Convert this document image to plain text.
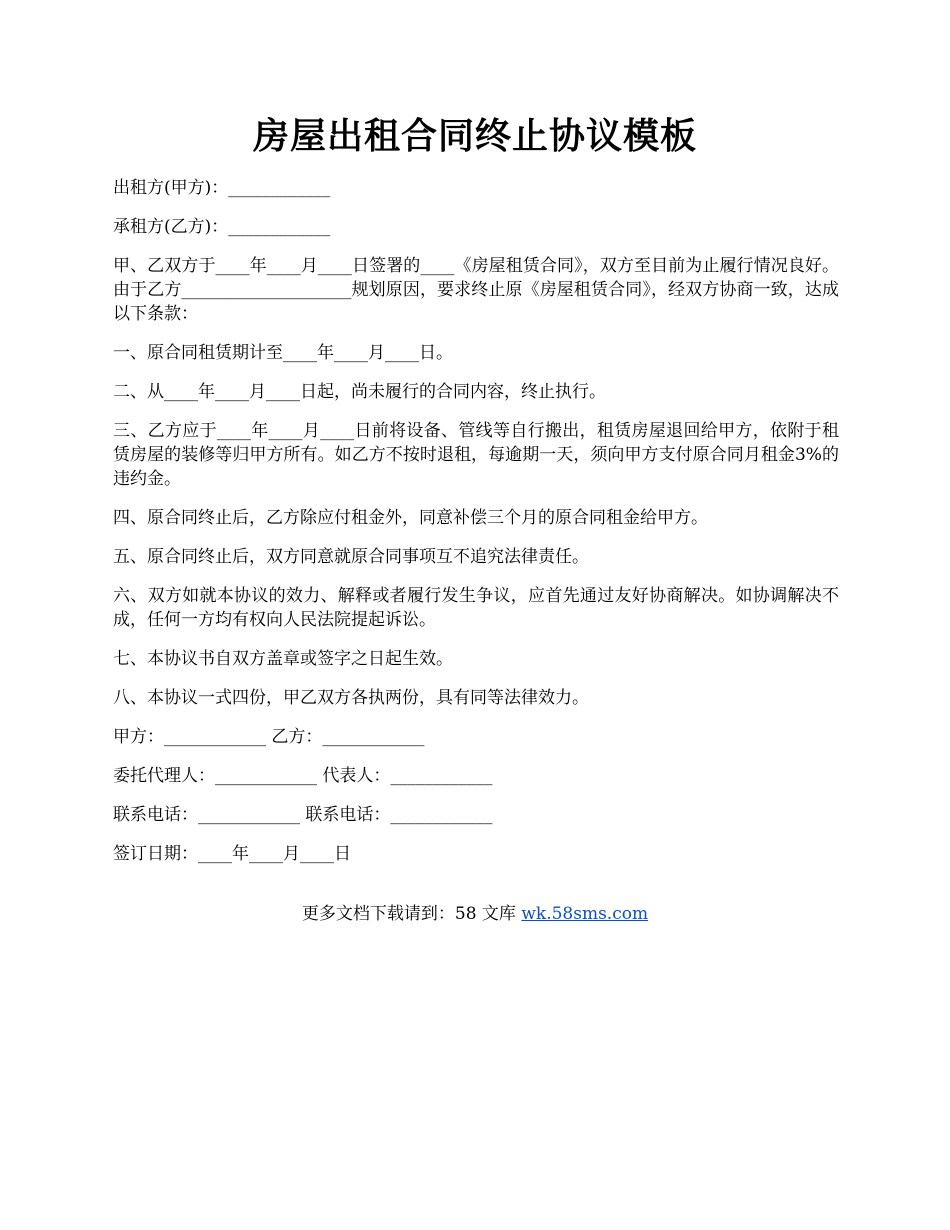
房屋出租合同终止协议模板

出租方(甲方)：____________

承租方(乙方)：____________

甲、乙双方于____年____月____日签署的____《房屋租赁合同》，双方至目前为止履行情况良好。由于乙方____________________规划原因，要求终止原《房屋租赁合同》，经双方协商一致，达成以下条款：

一、原合同租赁期计至____年____月____日。

二、从____年____月____日起，尚未履行的合同内容，终止执行。

三、乙方应于____年____月____日前将设备、管线等自行搬出，租赁房屋退回给甲方，依附于租赁房屋的装修等归甲方所有。如乙方不按时退租，每逾期一天，须向甲方支付原合同月租金3%的违约金。

四、原合同终止后，乙方除应付租金外，同意补偿三个月的原合同租金给甲方。

五、原合同终止后，双方同意就原合同事项互不追究法律责任。

六、双方如就本协议的效力、解释或者履行发生争议，应首先通过友好协商解决。如协调解决不成，任何一方均有权向人民法院提起诉讼。

七、本协议书自双方盖章或签字之日起生效。

八、本协议一式四份，甲乙双方各执两份，具有同等法律效力。

甲方：____________ 乙方：____________

委托代理人：____________ 代表人：____________

联系电话：____________ 联系电话：____________

签订日期：____年____月____日

更多文档下载请到：58 文库 wk.58sms.com
